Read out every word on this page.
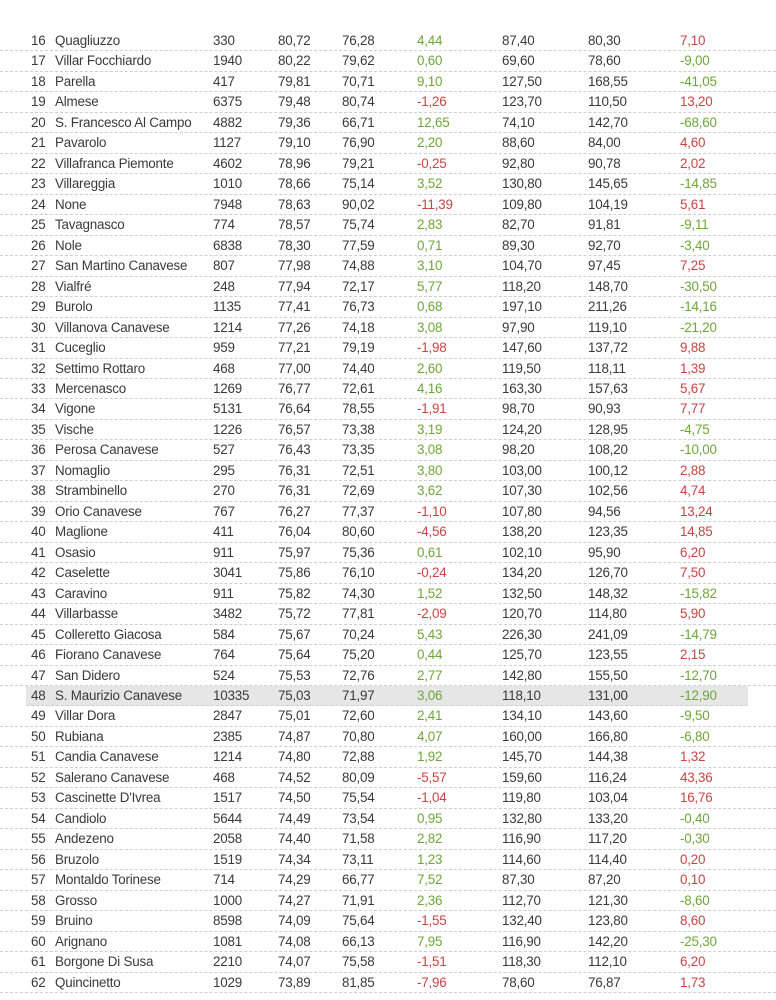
16 Quagliuzzo	330	80,72 76,28	4,44	87,40	80,30	7,10
17 Villar Focchiardo	1940	80,22 79,62	0,60	69,60	78,60	-9,00
18 Parella	417	79,81 70,71	9,10	127,50	168,55	-41,05
19 Almese	6375	79,48 80,74	-1,26	123,70	110,50	13,20
20 S. Francesco Al Campo 4882	79,36 66,71	12,65	74,10	142,70	-68,60
21 Pavarolo	1127	79,10 76,90	2,20	88,60	84,00	4,60
22 Villafranca Piemonte	4602	78,96 79,21	-0,25	92,80	90,78	2,02
23 Villareggia	1010	78,66 75,14	3,52	130,80	145,65	-14,85
24 None	7948	78,63 90,02	-11,39	109,80	104,19	5,61
25 Tavagnasco	774	78,57 75,74	2,83	82,70	91,81	-9,11
26 Nole	6838	78,30 77,59	0,71	89,30	92,70	-3,40
27 San Martino Canavese 807	77,98 74,88	3,10	104,70	97,45	7,25
28 Vialfré	248	77,94 72,17	5,77	118,20	148,70	-30,50
29 Burolo	1135	77,41 76,73	0,68	197,10	211,26	-14,16
30 Villanova Canavese	1214	77,26 74,18	3,08	97,90	119,10	-21,20
31 Cuceglio	959	77,21 79,19	-1,98	147,60	137,72	9,88
32 Settimo Rottaro	468	77,00 74,40	2,60	119,50	118,11	1,39
33 Mercenasco	1269	76,77 72,61	4,16	163,30	157,63	5,67
34 Vigone	5131	76,64 78,55	-1,91	98,70	90,93	7,77
35 Vische	1226	76,57 73,38	3,19	124,20	128,95	-4,75
36 Perosa Canavese	527	76,43 73,35	3,08	98,20	108,20	-10,00
37 Nomaglio	295	76,31 72,51	3,80	103,00	100,12	2,88
38 Strambinello	270	76,31 72,69	3,62	107,30	102,56	4,74
39 Orio Canavese	767	76,27 77,37	-1,10	107,80	94,56	13,24
40 Maglione	411	76,04 80,60	-4,56	138,20	123,35	14,85
41 Osasio	911	75,97 75,36	0,61	102,10	95,90	6,20
42 Caselette	3041	75,86 76,10	-0,24	134,20	126,70	7,50
43 Caravino	911	75,82 74,30	1,52	132,50	148,32	-15,82
44 Villarbasse	3482	75,72 77,81	-2,09	120,70	114,80	5,90
45 Colleretto Giacosa	584	75,67 70,24	5,43	226,30	241,09	-14,79
46 Fiorano Canavese	764	75,64 75,20	0,44	125,70	123,55	2,15
47 San Didero	524	75,53 72,76	2,77	142,80	155,50	-12,70
48 S. Maurizio Canavese 10335 75,03 71,97	3,06	118,10	131,00	-12,90
49 Villar Dora	2847	75,01 72,60	2,41	134,10	143,60	-9,50
50 Rubiana	2385	74,87 70,80	4,07	160,00	166,80	-6,80
51 Candia Canavese	1214	74,80 72,88	1,92	145,70	144,38	1,32
52 Salerano Canavese	468	74,52 80,09	-5,57	159,60	116,24	43,36
53 Cascinette D'Ivrea	1517	74,50 75,54	-1,04	119,80	103,04	16,76
54 Candiolo	5644	74,49 73,54	0,95	132,80	133,20	-0,40
55 Andezeno	2058	74,40 71,58	2,82	116,90	117,20	-0,30
56 Bruzolo	1519	74,34 73,11	1,23	114,60	114,40	0,20
57 Montaldo Torinese	714	74,29 66,77	7,52	87,30	87,20	0,10
58 Grosso	1000	74,27 71,91	2,36	112,70	121,30	-8,60
59 Bruino	8598	74,09 75,64	-1,55	132,40	123,80	8,60
60 Arignano	1081	74,08 66,13	7,95	116,90	142,20	-25,30
61 Borgone Di Susa	2210	74,07 75,58	-1,51	118,30	112,10	6,20
62 Quincinetto	1029	73,89 81,85	-7,96	78,60	76,87	1,73
